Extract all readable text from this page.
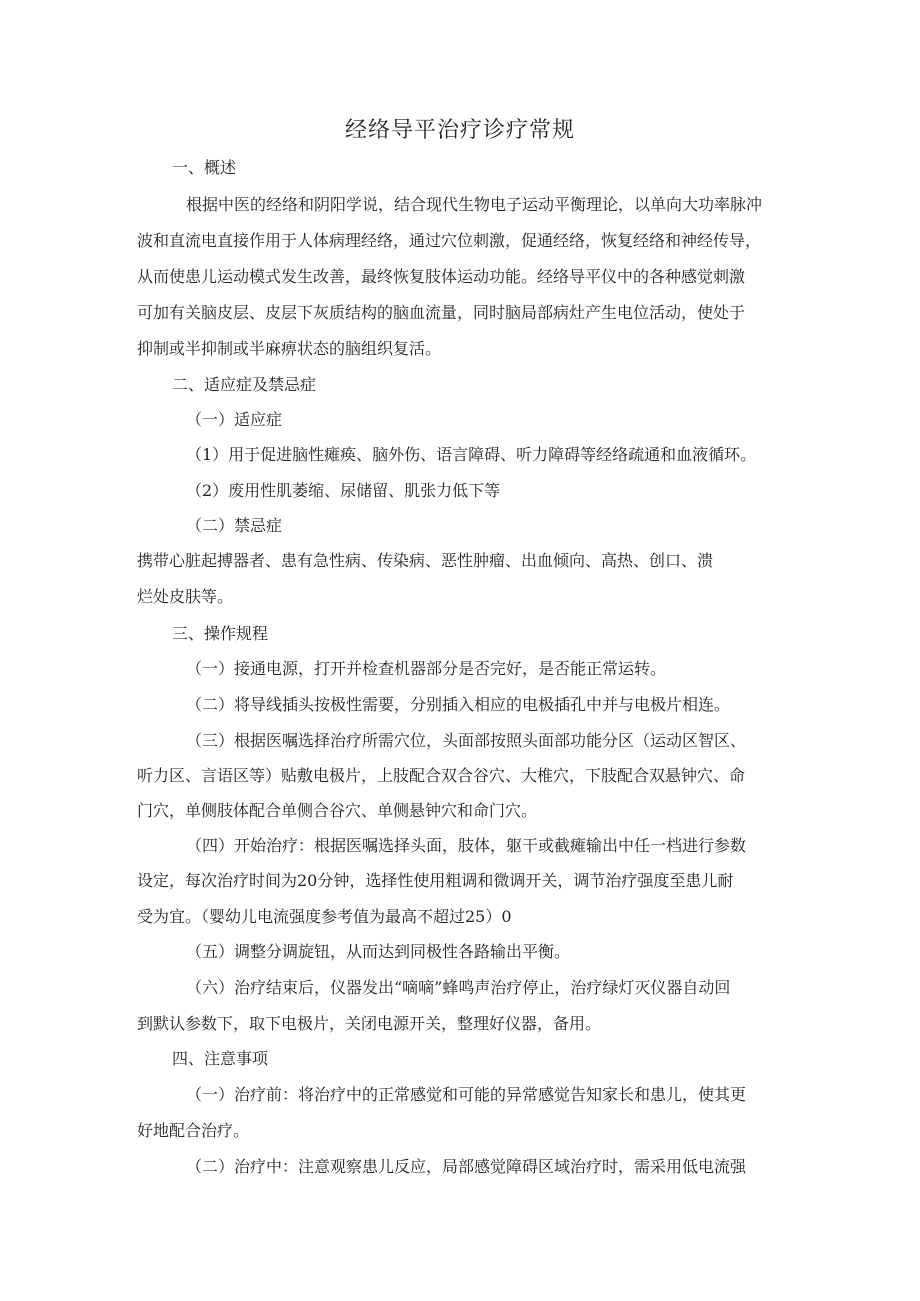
经络导平治疗诊疗常规
一、概述
根据中医的经络和阴阳学说，结合现代生物电子运动平衡理论，以单向大功率脉冲
波和直流电直接作用于人体病理经络，通过穴位刺激，促通经络，恢复经络和神经传导，
从而使患儿运动模式发生改善，最终恢复肢体运动功能。经络导平仪中的各种感觉刺激
可加有关脑皮层、皮层下灰质结构的脑血流量，同时脑局部病灶产生电位活动，使处于
抑制或半抑制或半麻痹状态的脑组织复活。
二、适应症及禁忌症
（一）适应症
（1）用于促进脑性瘫痪、脑外伤、语言障碍、听力障碍等经络疏通和血液循环。
（2）废用性肌萎缩、尿储留、肌张力低下等
（二）禁忌症
携带心脏起搏器者、患有急性病、传染病、恶性肿瘤、出血倾向、高热、创口、溃
烂处皮肤等。
三、操作规程
（一）接通电源，打开并检查机器部分是否完好，是否能正常运转。
（二）将导线插头按极性需要，分别插入相应的电极插孔中并与电极片相连。
（三）根据医嘱选择治疗所需穴位，头面部按照头面部功能分区（运动区智区、
听力区、言语区等）贴敷电极片，上肢配合双合谷穴、大椎穴，下肢配合双悬钟穴、命
门穴，单侧肢体配合单侧合谷穴、单侧悬钟穴和命门穴。
（四）开始治疗：根据医嘱选择头面，肢体，躯干或截瘫输出中任一档进行参数
设定，每次治疗时间为20分钟，选择性使用粗调和微调开关，调节治疗强度至患儿耐
受为宜。（婴幼儿电流强度参考值为最高不超过25）0
（五）调整分调旋钮，从而达到同极性各路输出平衡。
（六）治疗结束后，仪器发出“嘀嘀”蜂鸣声治疗停止，治疗绿灯灭仪器自动回
到默认参数下，取下电极片，关闭电源开关，整理好仪器，备用。
四、注意事项
（一）治疗前：将治疗中的正常感觉和可能的异常感觉告知家长和患儿，使其更
好地配合治疗。
（二）治疗中：注意观察患儿反应，局部感觉障碍区域治疗时，需采用低电流强
